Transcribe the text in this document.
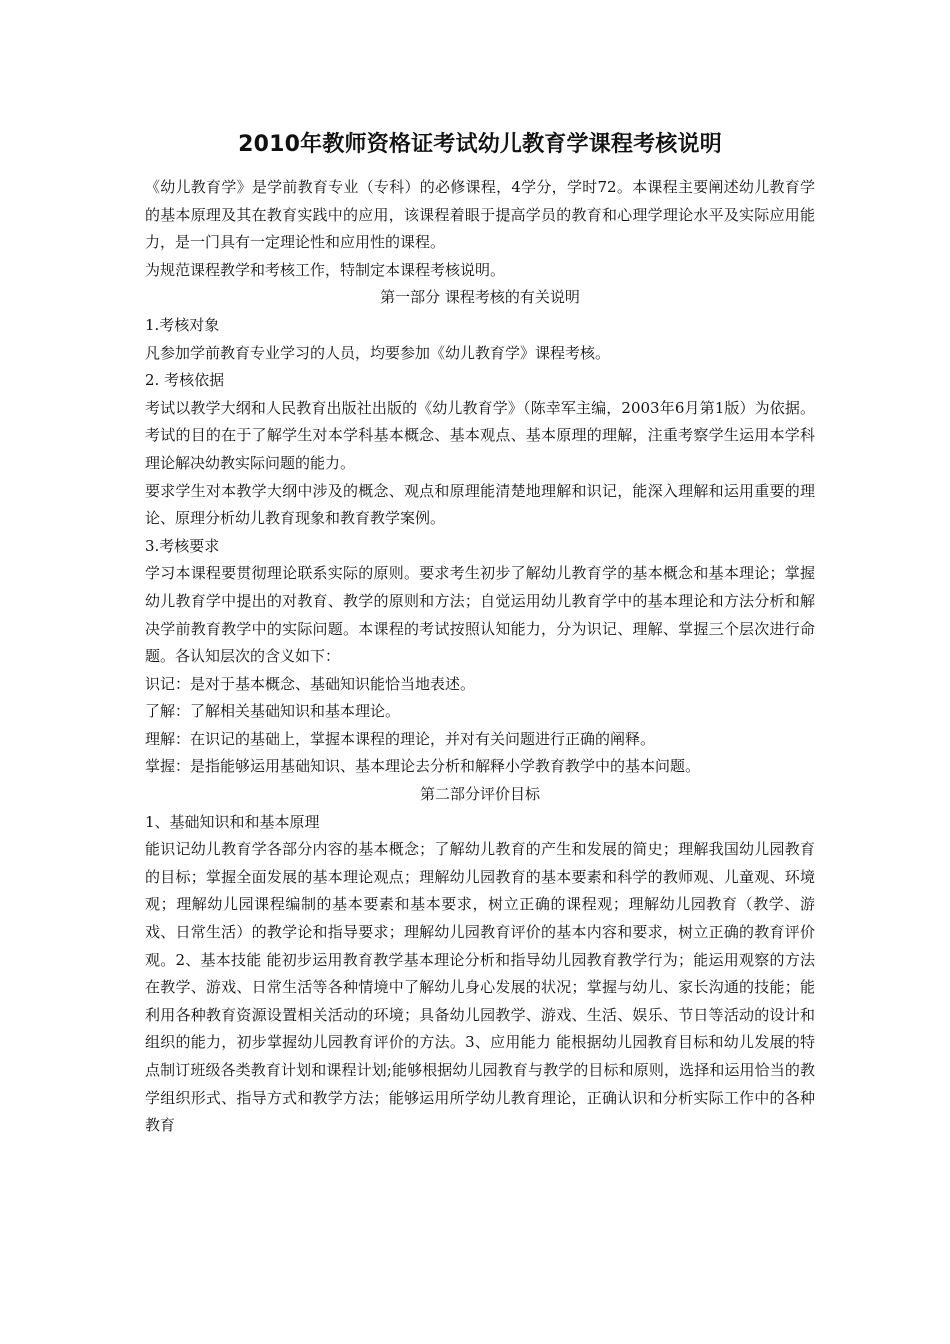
2010年教师资格证考试幼儿教育学课程考核说明

《幼儿教育学》是学前教育专业（专科）的必修课程，4学分，学时72。本课程主要阐述幼儿教育学的基本原理及其在教育实践中的应用，该课程着眼于提高学员的教育和心理学理论水平及实际应用能力，是一门具有一定理论性和应用性的课程。

为规范课程教学和考核工作，特制定本课程考核说明。

第一部分 课程考核的有关说明

1.考核对象

凡参加学前教育专业学习的人员，均要参加《幼儿教育学》课程考核。

2. 考核依据

考试以教学大纲和人民教育出版社出版的《幼儿教育学》（陈幸军主编，2003年6月第1版）为依据。考试的目的在于了解学生对本学科基本概念、基本观点、基本原理的理解，注重考察学生运用本学科理论解决幼教实际问题的能力。

要求学生对本教学大纲中涉及的概念、观点和原理能清楚地理解和识记，能深入理解和运用重要的理论、原理分析幼儿教育现象和教育教学案例。

3.考核要求

学习本课程要贯彻理论联系实际的原则。要求考生初步了解幼儿教育学的基本概念和基本理论；掌握幼儿教育学中提出的对教育、教学的原则和方法；自觉运用幼儿教育学中的基本理论和方法分析和解决学前教育教学中的实际问题。本课程的考试按照认知能力，分为识记、理解、掌握三个层次进行命题。各认知层次的含义如下：

识记：是对于基本概念、基础知识能恰当地表述。

了解：了解相关基础知识和基本理论。

理解：在识记的基础上，掌握本课程的理论，并对有关问题进行正确的阐释。

掌握：是指能够运用基础知识、基本理论去分析和解释小学教育教学中的基本问题。

第二部分评价目标

1、基础知识和和基本原理

能识记幼儿教育学各部分内容的基本概念；了解幼儿教育的产生和发展的简史；理解我国幼儿园教育的目标；掌握全面发展的基本理论观点；理解幼儿园教育的基本要素和科学的教师观、儿童观、环境观；理解幼儿园课程编制的基本要素和基本要求，树立正确的课程观；理解幼儿园教育（教学、游戏、日常生活）的教学论和指导要求；理解幼儿园教育评价的基本内容和要求，树立正确的教育评价观。2、基本技能 能初步运用教育教学基本理论分析和指导幼儿园教育教学行为；能运用观察的方法在教学、游戏、日常生活等各种情境中了解幼儿身心发展的状况；掌握与幼儿、家长沟通的技能；能利用各种教育资源设置相关活动的环境；具备幼儿园教学、游戏、生活、娱乐、节日等活动的设计和组织的能力，初步掌握幼儿园教育评价的方法。3、应用能力 能根据幼儿园教育目标和幼儿发展的特点制订班级各类教育计划和课程计划;能够根据幼儿园教育与教学的目标和原则，选择和运用恰当的教学组织形式、指导方式和教学方法；能够运用所学幼儿教育理论，正确认识和分析实际工作中的各种教育
